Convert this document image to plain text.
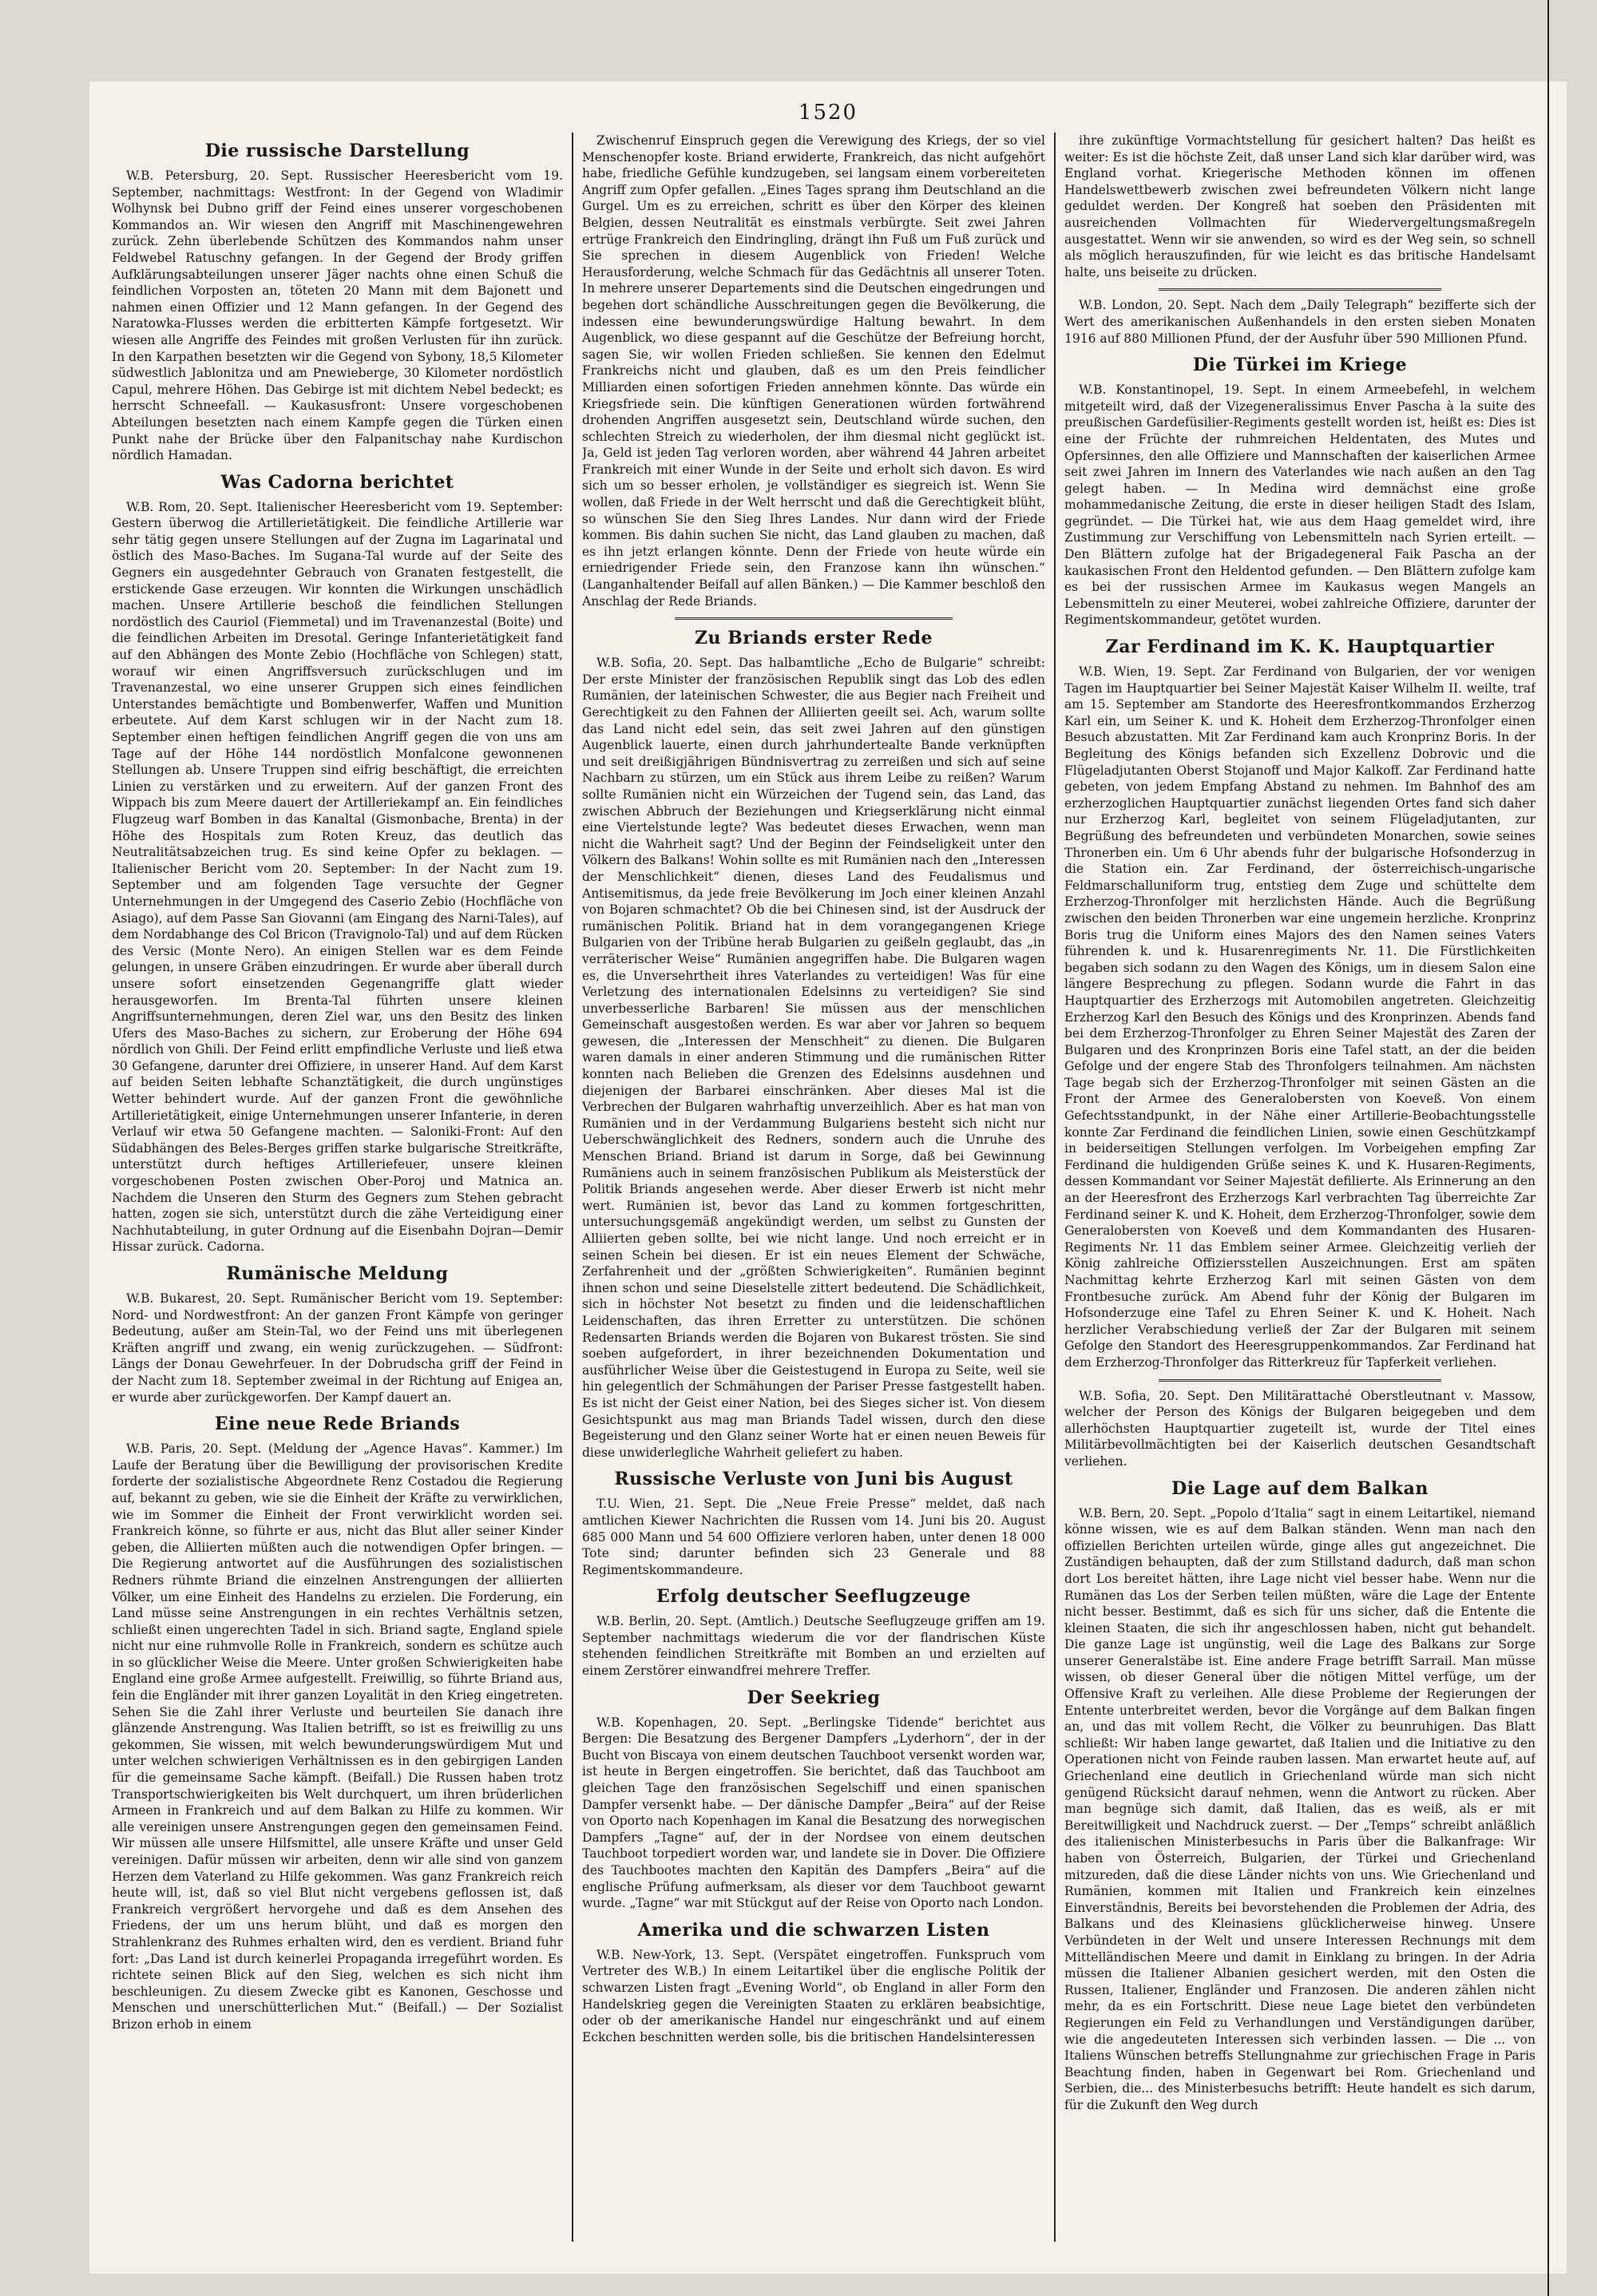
1520
Die russische Darstellung

W.B. Petersburg, 20. Sept. Russischer Heeresbericht vom 19. September, nachmittags: Westfront: In der Gegend von Wladimir Wolhynsk bei Dubno griff der Feind eines unserer vorgeschobenen Kommandos an. Wir wiesen den Angriff mit Maschinengewehren zurück. Zehn überlebende Schützen des Kommandos nahm unser Feldwebel Ratuschny gefangen. In der Gegend der Brody griffen Aufklärungsabteilungen unserer Jäger nachts ohne einen Schuß die feindlichen Vorposten an, töteten 20 Mann mit dem Bajonett und nahmen einen Offizier und 12 Mann gefangen. In der Gegend des Naratowka-Flusses werden die erbitterten Kämpfe fortgesetzt. Wir wiesen alle Angriffe des Feindes mit großen Verlusten für ihn zurück. In den Karpathen besetzten wir die Gegend von Sybony, 18,5 Kilometer südwestlich Jablonitza und am Pnewieberge, 30 Kilometer nordöstlich Capul, mehrere Höhen. Das Gebirge ist mit dichtem Nebel bedeckt; es herrscht Schneefall. — Kaukasusfront: Unsere vorgeschobenen Abteilungen besetzten nach einem Kampfe gegen die Türken einen Punkt nahe der Brücke über den Falpanitschay nahe Kurdischon nördlich Hamadan.

Was Cadorna berichtet

W.B. Rom, 20. Sept. Italienischer Heeresbericht vom 19. September: Gestern überwog die Artillerietätigkeit. Die feindliche Artillerie war sehr tätig gegen unsere Stellungen auf der Zugna im Lagarinatal und östlich des Maso-Baches. Im Sugana-Tal wurde auf der Seite des Gegners ein ausgedehnter Gebrauch von Granaten festgestellt, die erstickende Gase erzeugen. Wir konnten die Wirkungen unschädlich machen. Unsere Artillerie beschoß die feindlichen Stellungen nordöstlich des Cauriol (Fiemmetal) und im Travenanzestal (Boite) und die feindlichen Arbeiten im Dresotal. Geringe Infanterietätigkeit fand auf den Abhängen des Monte Zebio (Hochfläche von Schlegen) statt, worauf wir einen Angriffsversuch zurückschlugen und im Travenanzestal, wo eine unserer Gruppen sich eines feindlichen Unterstandes bemächtigte und Bombenwerfer, Waffen und Munition erbeutete. Auf dem Karst schlugen wir in der Nacht zum 18. September einen heftigen feindlichen Angriff gegen die von uns am Tage auf der Höhe 144 nordöstlich Monfalcone gewonnenen Stellungen ab. Unsere Truppen sind eifrig beschäftigt, die erreichten Linien zu verstärken und zu erweitern. Auf der ganzen Front des Wippach bis zum Meere dauert der Artilleriekampf an. Ein feindliches Flugzeug warf Bomben in das Kanaltal (Gismonbache, Brenta) in der Höhe des Hospitals zum Roten Kreuz, das deutlich das Neutralitätsabzeichen trug. Es sind keine Opfer zu beklagen. — Italienischer Bericht vom 20. September: In der Nacht zum 19. September und am folgenden Tage versuchte der Gegner Unternehmungen in der Umgegend des Caserio Zebio (Hochfläche von Asiago), auf dem Passe San Giovanni (am Eingang des Narni-Tales), auf dem Nordabhange des Col Bricon (Travignolo-Tal) und auf dem Rücken des Versic (Monte Nero). An einigen Stellen war es dem Feinde gelungen, in unsere Gräben einzudringen. Er wurde aber überall durch unsere sofort einsetzenden Gegenangriffe glatt wieder herausgeworfen. Im Brenta-Tal führten unsere kleinen Angriffsunternehmungen, deren Ziel war, uns den Besitz des linken Ufers des Maso-Baches zu sichern, zur Eroberung der Höhe 694 nördlich von Ghili. Der Feind erlitt empfindliche Verluste und ließ etwa 30 Gefangene, darunter drei Offiziere, in unserer Hand. Auf dem Karst auf beiden Seiten lebhafte Schanztätigkeit, die durch ungünstiges Wetter behindert wurde. Auf der ganzen Front die gewöhnliche Artillerietätigkeit, einige Unternehmungen unserer Infanterie, in deren Verlauf wir etwa 50 Gefangene machten. — Saloniki-Front: Auf den Südabhängen des Beles-Berges griffen starke bulgarische Streitkräfte, unterstützt durch heftiges Artilleriefeuer, unsere kleinen vorgeschobenen Posten zwischen Ober-Poroj und Matnica an. Nachdem die Unseren den Sturm des Gegners zum Stehen gebracht hatten, zogen sie sich, unterstützt durch die zähe Verteidigung einer Nachhutabteilung, in guter Ordnung auf die Eisenbahn Dojran—Demir Hissar zurück. Cadorna.

Rumänische Meldung

W.B. Bukarest, 20. Sept. Rumänischer Bericht vom 19. September: Nord- und Nordwestfront: An der ganzen Front Kämpfe von geringer Bedeutung, außer am Stein-Tal, wo der Feind uns mit überlegenen Kräften angriff und zwang, ein wenig zurückzugehen. — Südfront: Längs der Donau Gewehrfeuer. In der Dobrudscha griff der Feind in der Nacht zum 18. September zweimal in der Richtung auf Enigea an, er wurde aber zurückgeworfen. Der Kampf dauert an.

Eine neue Rede Briands

W.B. Paris, 20. Sept. (Meldung der „Agence Havas“. Kammer.) Im Laufe der Beratung über die Bewilligung der provisorischen Kredite forderte der sozialistische Abgeordnete Renz Costadou die Regierung auf, bekannt zu geben, wie sie die Einheit der Kräfte zu verwirklichen, wie im Sommer die Einheit der Front verwirklicht worden sei. Frankreich könne, so führte er aus, nicht das Blut aller seiner Kinder geben, die Alliierten müßten auch die notwendigen Opfer bringen. — Die Regierung antwortet auf die Ausführungen des sozialistischen Redners rühmte Briand die einzelnen Anstrengungen der alliierten Völker, um eine Einheit des Handelns zu erzielen. Die Forderung, ein Land müsse seine Anstrengungen in ein rechtes Verhältnis setzen, schließt einen ungerechten Tadel in sich. Briand sagte, England spiele nicht nur eine ruhmvolle Rolle in Frankreich, sondern es schütze auch in so glücklicher Weise die Meere. Unter großen Schwierigkeiten habe England eine große Armee aufgestellt. Freiwillig, so führte Briand aus, fein die Engländer mit ihrer ganzen Loyalität in den Krieg eingetreten. Sehen Sie die Zahl ihrer Verluste und beurteilen Sie danach ihre glänzende Anstrengung. Was Italien betrifft, so ist es freiwillig zu uns gekommen, Sie wissen, mit welch bewunderungswürdigem Mut und unter welchen schwierigen Verhältnissen es in den gebirgigen Landen für die gemeinsame Sache kämpft. (Beifall.) Die Russen haben trotz Transportschwierigkeiten bis Welt durchquert, um ihren brüderlichen Armeen in Frankreich und auf dem Balkan zu Hilfe zu kommen. Wir alle vereinigen unsere Anstrengungen gegen den gemeinsamen Feind. Wir müssen alle unsere Hilfsmittel, alle unsere Kräfte und unser Geld vereinigen. Dafür müssen wir arbeiten, denn wir alle sind von ganzem Herzen dem Vaterland zu Hilfe gekommen. Was ganz Frankreich reich heute will, ist, daß so viel Blut nicht vergebens geflossen ist, daß Frankreich vergrößert hervorgehe und daß es dem Ansehen des Friedens, der um uns herum blüht, und daß es morgen den Strahlenkranz des Ruhmes erhalten wird, den es verdient. Briand fuhr fort: „Das Land ist durch keinerlei Propaganda irregeführt worden. Es richtete seinen Blick auf den Sieg, welchen es sich nicht ihm beschleunigen. Zu diesem Zwecke gibt es Kanonen, Geschosse und Menschen und unerschütterlichen Mut.“ (Beifall.) — Der Sozialist Brizon erhob in einem

Zwischenruf Einspruch gegen die Verewigung des Kriegs, der so viel Menschenopfer koste. Briand erwiderte, Frankreich, das nicht aufgehört habe, friedliche Gefühle kundzugeben, sei langsam einem vorbereiteten Angriff zum Opfer gefallen. „Eines Tages sprang ihm Deutschland an die Gurgel. Um es zu erreichen, schritt es über den Körper des kleinen Belgien, dessen Neutralität es einstmals verbürgte. Seit zwei Jahren ertrüge Frankreich den Eindringling, drängt ihn Fuß um Fuß zurück und Sie sprechen in diesem Augenblick von Frieden! Welche Herausforderung, welche Schmach für das Gedächtnis all unserer Toten. In mehrere unserer Departements sind die Deutschen eingedrungen und begehen dort schändliche Ausschreitungen gegen die Bevölkerung, die indessen eine bewunderungswürdige Haltung bewahrt. In dem Augenblick, wo diese gespannt auf die Geschütze der Befreiung horcht, sagen Sie, wir wollen Frieden schließen. Sie kennen den Edelmut Frankreichs nicht und glauben, daß es um den Preis feindlicher Milliarden einen sofortigen Frieden annehmen könnte. Das würde ein Kriegsfriede sein. Die künftigen Generationen würden fortwährend drohenden Angriffen ausgesetzt sein, Deutschland würde suchen, den schlechten Streich zu wiederholen, der ihm diesmal nicht geglückt ist. Ja, Geld ist jeden Tag verloren worden, aber während 44 Jahren arbeitet Frankreich mit einer Wunde in der Seite und erholt sich davon. Es wird sich um so besser erholen, je vollständiger es siegreich ist. Wenn Sie wollen, daß Friede in der Welt herrscht und daß die Gerechtigkeit blüht, so wünschen Sie den Sieg Ihres Landes. Nur dann wird der Friede kommen. Bis dahin suchen Sie nicht, das Land glauben zu machen, daß es ihn jetzt erlangen könnte. Denn der Friede von heute würde ein erniedrigender Friede sein, den Franzose kann ihn wünschen.“ (Langanhaltender Beifall auf allen Bänken.) — Die Kammer beschloß den Anschlag der Rede Briands.

Zu Briands erster Rede

W.B. Sofia, 20. Sept. Das halbamtliche „Echo de Bulgarie“ schreibt: Der erste Minister der französischen Republik singt das Lob des edlen Rumänien, der lateinischen Schwester, die aus Begier nach Freiheit und Gerechtigkeit zu den Fahnen der Alliierten geeilt sei. Ach, warum sollte das Land nicht edel sein, das seit zwei Jahren auf den günstigen Augenblick lauerte, einen durch jahrhundertealte Bande verknüpften und seit dreißigjährigen Bündnisvertrag zu zerreißen und sich auf seine Nachbarn zu stürzen, um ein Stück aus ihrem Leibe zu reißen? Warum sollte Rumänien nicht ein Würzeichen der Tugend sein, das Land, das zwischen Abbruch der Beziehungen und Kriegserklärung nicht einmal eine Viertelstunde legte? Was bedeutet dieses Erwachen, wenn man nicht die Wahrheit sagt? Und der Beginn der Feindseligkeit unter den Völkern des Balkans! Wohin sollte es mit Rumänien nach den „Interessen der Menschlichkeit“ dienen, dieses Land des Feudalismus und Antisemitismus, da jede freie Bevölkerung im Joch einer kleinen Anzahl von Bojaren schmachtet? Ob die bei Chinesen sind, ist der Ausdruck der rumänischen Politik. Briand hat in dem vorangegangenen Kriege Bulgarien von der Tribüne herab Bulgarien zu geißeln geglaubt, das „in verräterischer Weise“ Rumänien angegriffen habe. Die Bulgaren wagen es, die Unversehrtheit ihres Vaterlandes zu verteidigen! Was für eine Verletzung des internationalen Edelsinns zu verteidigen? Sie sind unverbesserliche Barbaren! Sie müssen aus der menschlichen Gemeinschaft ausgestoßen werden. Es war aber vor Jahren so bequem gewesen, die „Interessen der Menschheit“ zu dienen. Die Bulgaren waren damals in einer anderen Stimmung und die rumänischen Ritter konnten nach Belieben die Grenzen des Edelsinns ausdehnen und diejenigen der Barbarei einschränken. Aber dieses Mal ist die Verbrechen der Bulgaren wahrhaftig unverzeihlich. Aber es hat man von Rumänien und in der Verdammung Bulgariens besteht sich nicht nur Ueberschwänglichkeit des Redners, sondern auch die Unruhe des Menschen Briand. Briand ist darum in Sorge, daß bei Gewinnung Rumäniens auch in seinem französischen Publikum als Meisterstück der Politik Briands angesehen werde. Aber dieser Erwerb ist nicht mehr wert. Rumänien ist, bevor das Land zu kommen fortgeschritten, untersuchungsgemäß angekündigt werden, um selbst zu Gunsten der Alliierten geben sollte, bei wie nicht lange. Und noch erreicht er in seinen Schein bei diesen. Er ist ein neues Element der Schwäche, Zerfahrenheit und der „größten Schwierigkeiten“. Rumänien beginnt ihnen schon und seine Dieselstelle zittert bedeutend. Die Schädlichkeit, sich in höchster Not besetzt zu finden und die leidenschaftlichen Leidenschaften, das ihren Erretter zu unterstützen. Die schönen Redensarten Briands werden die Bojaren von Bukarest trösten. Sie sind soeben aufgefordert, in ihrer bezeichnenden Dokumentation und ausführlicher Weise über die Geistestugend in Europa zu Seite, weil sie hin gelegentlich der Schmähungen der Pariser Presse fastgestellt haben. Es ist nicht der Geist einer Nation, bei des Sieges sicher ist. Von diesem Gesichtspunkt aus mag man Briands Tadel wissen, durch den diese Begeisterung und den Glanz seiner Worte hat er einen neuen Beweis für diese unwiderlegliche Wahrheit geliefert zu haben.

Russische Verluste von Juni bis August

T.U. Wien, 21. Sept. Die „Neue Freie Presse“ meldet, daß nach amtlichen Kiewer Nachrichten die Russen vom 14. Juni bis 20. August 685 000 Mann und 54 600 Offiziere verloren haben, unter denen 18 000 Tote sind; darunter befinden sich 23 Generale und 88 Regimentskommandeure.

Erfolg deutscher Seeflugzeuge

W.B. Berlin, 20. Sept. (Amtlich.) Deutsche Seeflugzeuge griffen am 19. September nachmittags wiederum die vor der flandrischen Küste stehenden feindlichen Streitkräfte mit Bomben an und erzielten auf einem Zerstörer einwandfrei mehrere Treffer.

Der Seekrieg

W.B. Kopenhagen, 20. Sept. „Berlingske Tidende“ berichtet aus Bergen: Die Besatzung des Bergener Dampfers „Lyderhorn“, der in der Bucht von Biscaya von einem deutschen Tauchboot versenkt worden war, ist heute in Bergen eingetroffen. Sie berichtet, daß das Tauchboot am gleichen Tage den französischen Segelschiff und einen spanischen Dampfer versenkt habe. — Der dänische Dampfer „Beira“ auf der Reise von Oporto nach Kopenhagen im Kanal die Besatzung des norwegischen Dampfers „Tagne“ auf, der in der Nordsee von einem deutschen Tauchboot torpediert worden war, und landete sie in Dover. Die Offiziere des Tauchbootes machten den Kapitän des Dampfers „Beira“ auf die englische Prüfung aufmerksam, als dieser vor dem Tauchboot gewarnt wurde. „Tagne“ war mit Stückgut auf der Reise von Oporto nach London.

Amerika und die schwarzen Listen

W.B. New-York, 13. Sept. (Verspätet eingetroffen. Funkspruch vom Vertreter des W.B.) In einem Leitartikel über die englische Politik der schwarzen Listen fragt „Evening World“, ob England in aller Form den Handelskrieg gegen die Vereinigten Staaten zu erklären beabsichtige, oder ob der amerikanische Handel nur eingeschränkt und auf einem Eckchen beschnitten werden solle, bis die britischen Handelsinteressen

ihre zukünftige Vormachtstellung für gesichert halten? Das heißt es weiter: Es ist die höchste Zeit, daß unser Land sich klar darüber wird, was England vorhat. Kriegerische Methoden können im offenen Handelswettbewerb zwischen zwei befreundeten Völkern nicht lange geduldet werden. Der Kongreß hat soeben den Präsidenten mit ausreichenden Vollmachten für Wiedervergeltungsmaßregeln ausgestattet. Wenn wir sie anwenden, so wird es der Weg sein, so schnell als möglich herauszufinden, für wie leicht es das britische Handelsamt halte, uns beiseite zu drücken.

W.B. London, 20. Sept. Nach dem „Daily Telegraph“ bezifferte sich der Wert des amerikanischen Außenhandels in den ersten sieben Monaten 1916 auf 880 Millionen Pfund, der der Ausfuhr über 590 Millionen Pfund.

Die Türkei im Kriege

W.B. Konstantinopel, 19. Sept. In einem Armeebefehl, in welchem mitgeteilt wird, daß der Vizegeneralissimus Enver Pascha à la suite des preußischen Gardefüsilier-Regiments gestellt worden ist, heißt es: Dies ist eine der Früchte der ruhmreichen Heldentaten, des Mutes und Opfersinnes, den alle Offiziere und Mannschaften der kaiserlichen Armee seit zwei Jahren im Innern des Vaterlandes wie nach außen an den Tag gelegt haben. — In Medina wird demnächst eine große mohammedanische Zeitung, die erste in dieser heiligen Stadt des Islam, gegründet. — Die Türkei hat, wie aus dem Haag gemeldet wird, ihre Zustimmung zur Verschiffung von Lebensmitteln nach Syrien erteilt. — Den Blättern zufolge hat der Brigadegeneral Faik Pascha an der kaukasischen Front den Heldentod gefunden. — Den Blättern zufolge kam es bei der russischen Armee im Kaukasus wegen Mangels an Lebensmitteln zu einer Meuterei, wobei zahlreiche Offiziere, darunter der Regimentskommandeur, getötet wurden.

Zar Ferdinand im K. K. Hauptquartier

W.B. Wien, 19. Sept. Zar Ferdinand von Bulgarien, der vor wenigen Tagen im Hauptquartier bei Seiner Majestät Kaiser Wilhelm II. weilte, traf am 15. September am Standorte des Heeresfrontkommandos Erzherzog Karl ein, um Seiner K. und K. Hoheit dem Erzherzog-Thronfolger einen Besuch abzustatten. Mit Zar Ferdinand kam auch Kronprinz Boris. In der Begleitung des Königs befanden sich Exzellenz Dobrovic und die Flügeladjutanten Oberst Stojanoff und Major Kalkoff. Zar Ferdinand hatte gebeten, von jedem Empfang Abstand zu nehmen. Im Bahnhof des am erzherzoglichen Hauptquartier zunächst liegenden Ortes fand sich daher nur Erzherzog Karl, begleitet von seinem Flügeladjutanten, zur Begrüßung des befreundeten und verbündeten Monarchen, sowie seines Thronerben ein. Um 6 Uhr abends fuhr der bulgarische Hofsonderzug in die Station ein. Zar Ferdinand, der österreichisch-ungarische Feldmarschalluniform trug, entstieg dem Zuge und schüttelte dem Erzherzog-Thronfolger mit herzlichsten Hände. Auch die Begrüßung zwischen den beiden Thronerben war eine ungemein herzliche. Kronprinz Boris trug die Uniform eines Majors des den Namen seines Vaters führenden k. und k. Husarenregiments Nr. 11. Die Fürstlichkeiten begaben sich sodann zu den Wagen des Königs, um in diesem Salon eine längere Besprechung zu pflegen. Sodann wurde die Fahrt in das Hauptquartier des Erzherzogs mit Automobilen angetreten. Gleichzeitig Erzherzog Karl den Besuch des Königs und des Kronprinzen. Abends fand bei dem Erzherzog-Thronfolger zu Ehren Seiner Majestät des Zaren der Bulgaren und des Kronprinzen Boris eine Tafel statt, an der die beiden Gefolge und der engere Stab des Thronfolgers teilnahmen. Am nächsten Tage begab sich der Erzherzog-Thronfolger mit seinen Gästen an die Front der Armee des Generalobersten von Koeveß. Von einem Gefechtsstandpunkt, in der Nähe einer Artillerie-Beobachtungsstelle konnte Zar Ferdinand die feindlichen Linien, sowie einen Geschützkampf in beiderseitigen Stellungen verfolgen. Im Vorbeigehen empfing Zar Ferdinand die huldigenden Grüße seines K. und K. Husaren-Regiments, dessen Kommandant vor Seiner Majestät defilierte. Als Erinnerung an den an der Heeresfront des Erzherzogs Karl verbrachten Tag überreichte Zar Ferdinand seiner K. und K. Hoheit, dem Erzherzog-Thronfolger, sowie dem Generalobersten von Koeveß und dem Kommandanten des Husaren-Regiments Nr. 11 das Emblem seiner Armee. Gleichzeitig verlieh der König zahlreiche Offiziersstellen Auszeichnungen. Erst am späten Nachmittag kehrte Erzherzog Karl mit seinen Gästen von dem Frontbesuche zurück. Am Abend fuhr der König der Bulgaren im Hofsonderzuge eine Tafel zu Ehren Seiner K. und K. Hoheit. Nach herzlicher Verabschiedung verließ der Zar der Bulgaren mit seinem Gefolge den Standort des Heeresgruppenkommandos. Zar Ferdinand hat dem Erzherzog-Thronfolger das Ritterkreuz für Tapferkeit verliehen.

W.B. Sofia, 20. Sept. Den Militärattaché Oberstleutnant v. Massow, welcher der Person des Königs der Bulgaren beigegeben und dem allerhöchsten Hauptquartier zugeteilt ist, wurde der Titel eines Militärbevollmächtigten bei der Kaiserlich deutschen Gesandtschaft verliehen.

Die Lage auf dem Balkan

W.B. Bern, 20. Sept. „Popolo d’Italia“ sagt in einem Leitartikel, niemand könne wissen, wie es auf dem Balkan ständen. Wenn man nach den offiziellen Berichten urteilen würde, ginge alles gut angezeichnet. Die Zuständigen behaupten, daß der zum Stillstand dadurch, daß man schon dort Los bereitet hätten, ihre Lage nicht viel besser habe. Wenn nur die Rumänen das Los der Serben teilen müßten, wäre die Lage der Entente nicht besser. Bestimmt, daß es sich für uns sicher, daß die Entente die kleinen Staaten, die sich ihr angeschlossen haben, nicht gut behandelt. Die ganze Lage ist ungünstig, weil die Lage des Balkans zur Sorge unserer Generalstäbe ist. Eine andere Frage betrifft Sarrail. Man müsse wissen, ob dieser General über die nötigen Mittel verfüge, um der Offensive Kraft zu verleihen. Alle diese Probleme der Regierungen der Entente unterbreitet werden, bevor die Vorgänge auf dem Balkan fingen an, und das mit vollem Recht, die Völker zu beunruhigen. Das Blatt schließt: Wir haben lange gewartet, daß Italien und die Initiative zu den Operationen nicht von Feinde rauben lassen. Man erwartet heute auf, auf Griechenland eine deutlich in Griechenland würde man sich nicht genügend Rücksicht darauf nehmen, wenn die Antwort zu rücken. Aber man begnüge sich damit, daß Italien, das es weiß, als er mit Bereitwilligkeit und Nachdruck zuerst. — Der „Temps“ schreibt anläßlich des italienischen Ministerbesuchs in Paris über die Balkanfrage: Wir haben von Österreich, Bulgarien, der Türkei und Griechenland mitzureden, daß die diese Länder nichts von uns. Wie Griechenland und Rumänien, kommen mit Italien und Frankreich kein einzelnes Einverständnis, Bereits bei bevorstehenden die Problemen der Adria, des Balkans und des Kleinasiens glücklicherweise hinweg. Unsere Verbündeten in der Welt und unsere Interessen Rechnungs mit dem Mittelländischen Meere und damit in Einklang zu bringen. In der Adria müssen die Italiener Albanien gesichert werden, mit den Osten die Russen, Italiener, Engländer und Franzosen. Die anderen zählen nicht mehr, da es ein Fortschritt. Diese neue Lage bietet den verbündeten Regierungen ein Feld zu Verhandlungen und Verständigungen darüber, wie die angedeuteten Interessen sich verbinden lassen. — Die ... von Italiens Wünschen betreffs Stellungnahme zur griechischen Frage in Paris Beachtung finden, haben in Gegenwart bei Rom. Griechenland und Serbien, die... des Ministerbesuchs betrifft: Heute handelt es sich darum, für die Zukunft den Weg durch
